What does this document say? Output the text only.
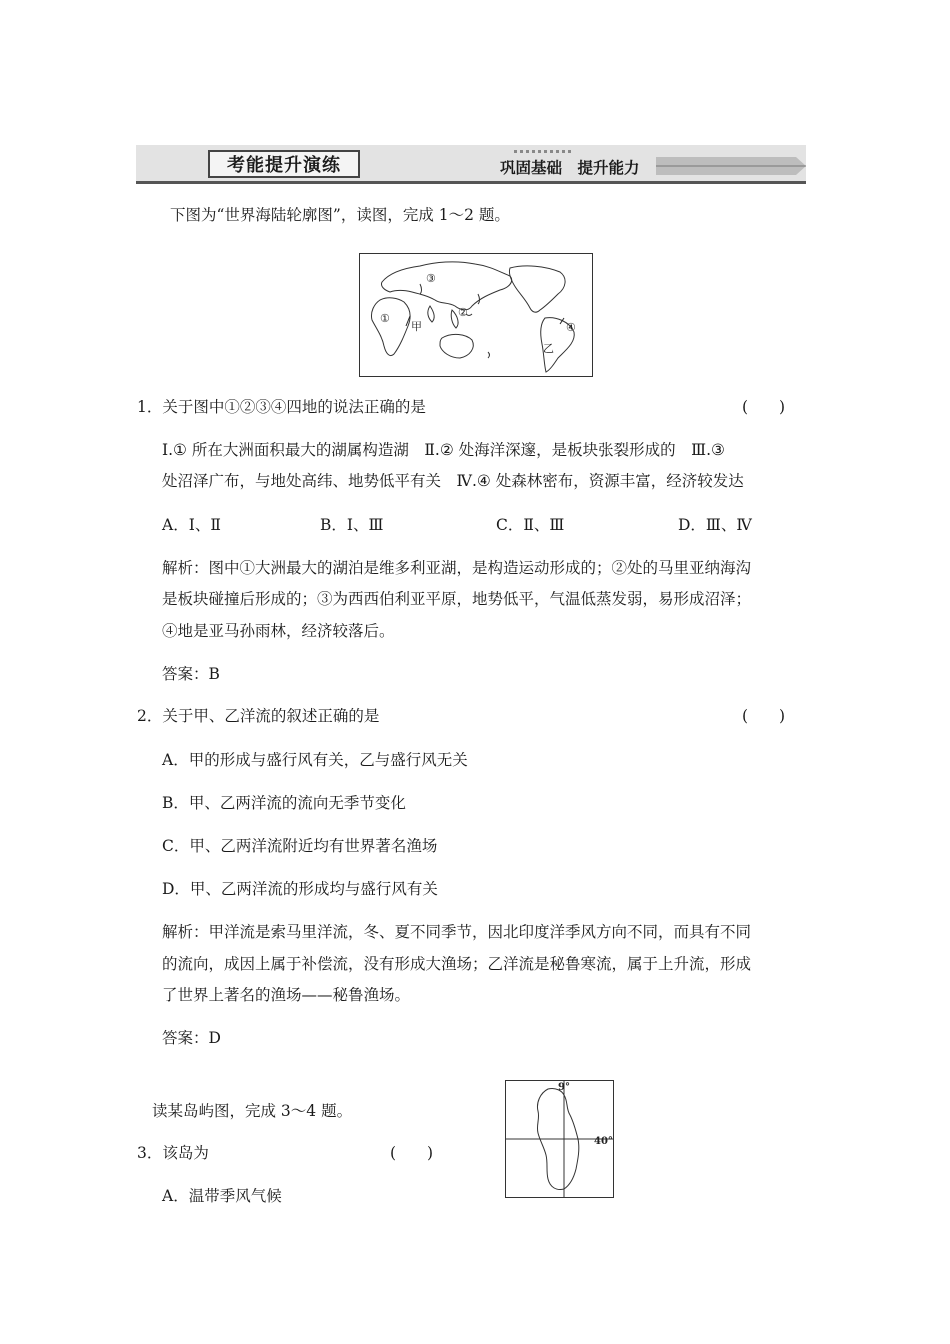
考能提升演练	巩固基础　提升能力
下图为“世界海陆轮廓图”，读图，完成 1～2 题。
①	②
③
④
甲
乙
1．关于图中①②③④四地的说法正确的是	(　　)
Ⅰ.① 所在大洲面积最大的湖属构造湖　Ⅱ.② 处海洋深邃，是板块张裂形成的　Ⅲ.③
处沼泽广布，与地处高纬、地势低平有关　Ⅳ.④ 处森林密布，资源丰富，经济较发达
A．Ⅰ、Ⅱ	B．Ⅰ、Ⅲ	C．Ⅱ、Ⅲ	D．Ⅲ、Ⅳ
解析：图中①大洲最大的湖泊是维多利亚湖，是构造运动形成的；②处的马里亚纳海沟
是板块碰撞后形成的；③为西西伯利亚平原，地势低平，气温低蒸发弱，易形成沼泽；
④地是亚马孙雨林，经济较落后。
答案：B
2．关于甲、乙洋流的叙述正确的是	(　　)
A．甲的形成与盛行风有关，乙与盛行风无关
B．甲、乙两洋流的流向无季节变化
C．甲、乙两洋流附近均有世界著名渔场
D．甲、乙两洋流的形成均与盛行风有关
解析：甲洋流是索马里洋流，冬、夏不同季节，因北印度洋季风方向不同，而具有不同
的流向，成因上属于补偿流，没有形成大渔场；乙洋流是秘鲁寒流，属于上升流，形成
了世界上著名的渔场——秘鲁渔场。
答案：D
读某岛屿图，完成 3～4 题。
9°
40°
3．该岛为	(　　)
A．温带季风气候
